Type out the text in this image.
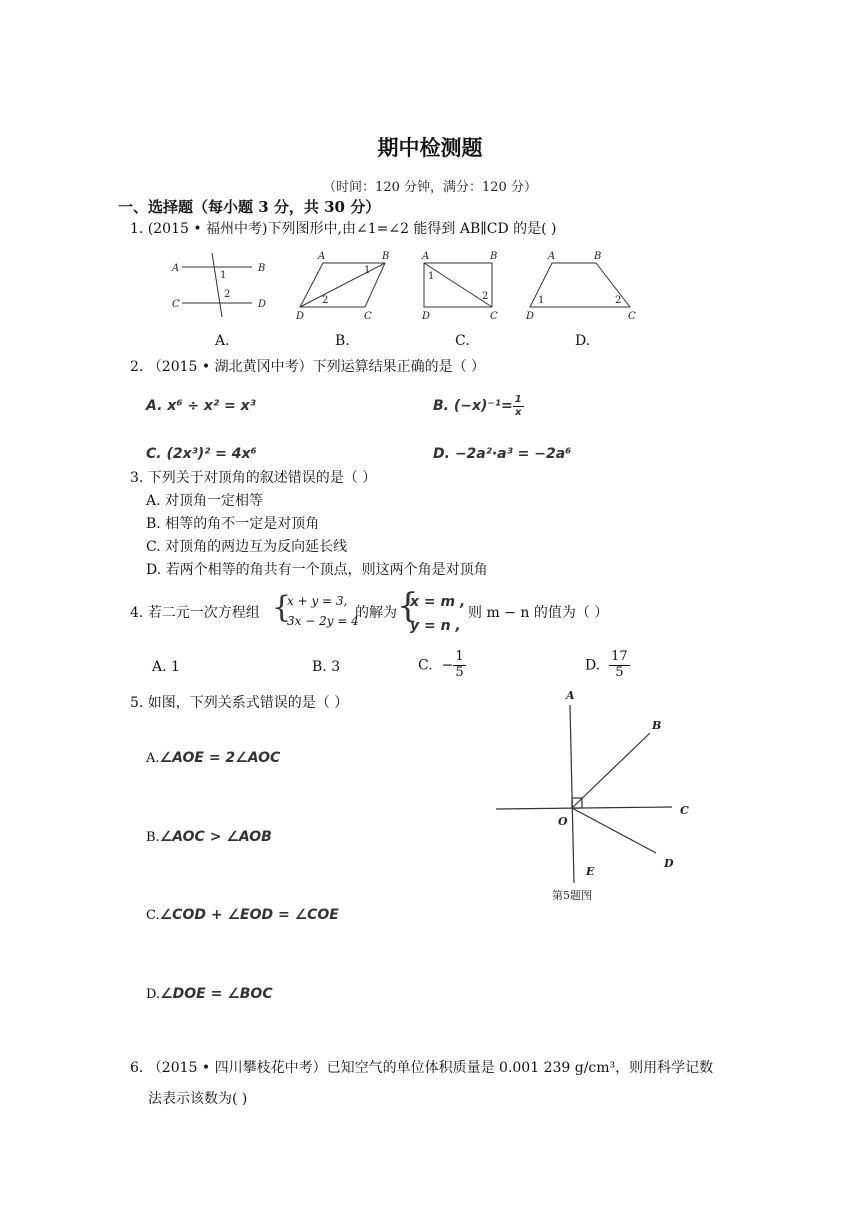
期中检测题
（时间：120 分钟，满分：120 分）
一、选择题（每小题 3 分，共 30 分）
1. (2015 • 福州中考)下列图形中,由∠1=∠2 能得到 AB∥CD 的是( )
A	B
C	D
1
2
A	B
D	C
1
2
A	B
D	C
1
2
A	B
D	C
1	2
A.	B.	C.	D.
2. （2015 • 湖北黄冈中考）下列运算结果正确的是（ ）
A. x⁶ ÷ x² = x³	B. $(-x)^{-1}= \frac{1}{x}$
C. (2x³)² = 4x⁶	D. −2a²·a³ = −2a⁶
3. 下列关于对顶角的叙述错误的是（ ）
A. 对顶角一定相等
B. 相等的角不一定是对顶角
C. 对顶角的两边互为反向延长线
D. 若两个相等的角共有一个顶点，则这两个角是对顶角
4. 若二元一次方程组 {
x + y = 3,
3x − 2y = 4
的解为 {
x = m ,
y = n ,
则 m − n 的值为（ ）
A. 1	B. 3	C. − $\frac{1}{5}$	D. $\frac{17}{5}$
5. 如图，下列关系式错误的是（ ）
A.∠AOE = 2∠AOC
B.∠AOC > ∠AOB
C.∠COD + ∠EOD = ∠COE
D.∠DOE = ∠BOC
A
B
C
D
O
E
第5题图
6. （2015 • 四川攀枝花中考）已知空气的单位体积质量是 0.001 239 g/cm³，则用科学记数
法表示该数为( )
